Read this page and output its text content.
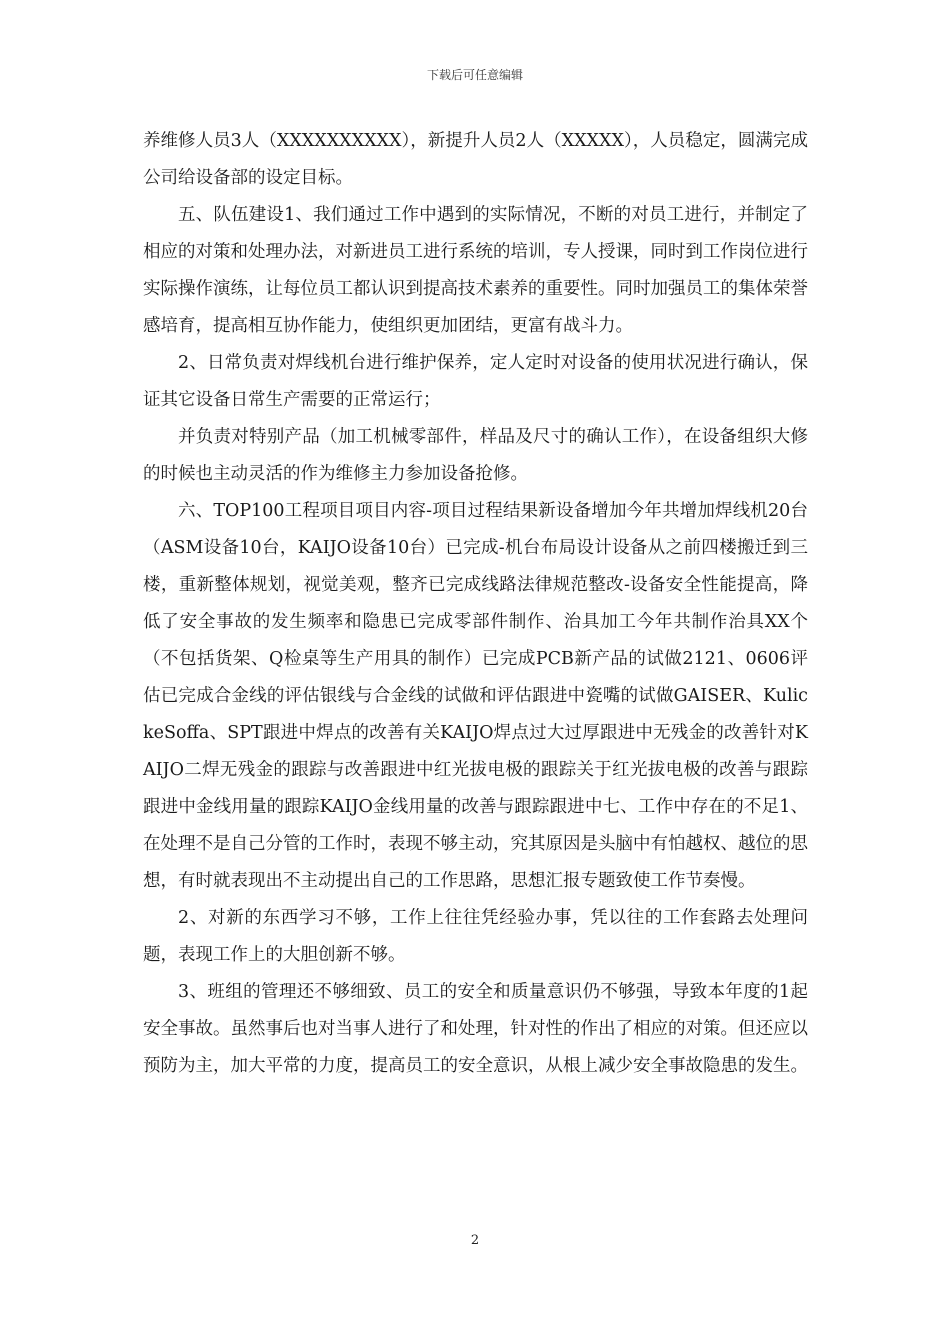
下载后可任意编辑

养维修人员3人（XXXXXXXXXX），新提升人员2人（XXXXX），人员稳定，圆满完成公司给设备部的设定目标。

五、队伍建设1、我们通过工作中遇到的实际情况，不断的对员工进行，并制定了相应的对策和处理办法，对新进员工进行系统的培训，专人授课，同时到工作岗位进行实际操作演练，让每位员工都认识到提高技术素养的重要性。同时加强员工的集体荣誉感培育，提高相互协作能力，使组织更加团结，更富有战斗力。

2、日常负责对焊线机台进行维护保养，定人定时对设备的使用状况进行确认，保证其它设备日常生产需要的正常运行；

并负责对特别产品（加工机械零部件，样品及尺寸的确认工作），在设备组织大修的时候也主动灵活的作为维修主力参加设备抢修。

六、TOP100工程项目项目内容-项目过程结果新设备增加今年共增加焊线机20台（ASM设备10台，KAIJO设备10台）已完成-机台布局设计设备从之前四楼搬迁到三楼，重新整体规划，视觉美观，整齐已完成线路法律规范整改-设备安全性能提高，降低了安全事故的发生频率和隐患已完成零部件制作、治具加工今年共制作治具XX个（不包括货架、Q检桌等生产用具的制作）已完成PCB新产品的试做2121、0606评估已完成合金线的评估银线与合金线的试做和评估跟进中瓷嘴的试做GAISER、KulickeSoffa、SPT跟进中焊点的改善有关KAIJO焊点过大过厚跟进中无残金的改善针对KAIJO二焊无残金的跟踪与改善跟进中红光拔电极的跟踪关于红光拔电极的改善与跟踪跟进中金线用量的跟踪KAIJO金线用量的改善与跟踪跟进中七、工作中存在的不足1、在处理不是自己分管的工作时，表现不够主动，究其原因是头脑中有怕越权、越位的思想，有时就表现出不主动提出自己的工作思路，思想汇报专题致使工作节奏慢。

2、对新的东西学习不够，工作上往往凭经验办事，凭以往的工作套路去处理问题，表现工作上的大胆创新不够。

3、班组的管理还不够细致、员工的安全和质量意识仍不够强，导致本年度的1起安全事故。虽然事后也对当事人进行了和处理，针对性的作出了相应的对策。但还应以预防为主，加大平常的力度，提高员工的安全意识，从根上减少安全事故隐患的发生。

2
